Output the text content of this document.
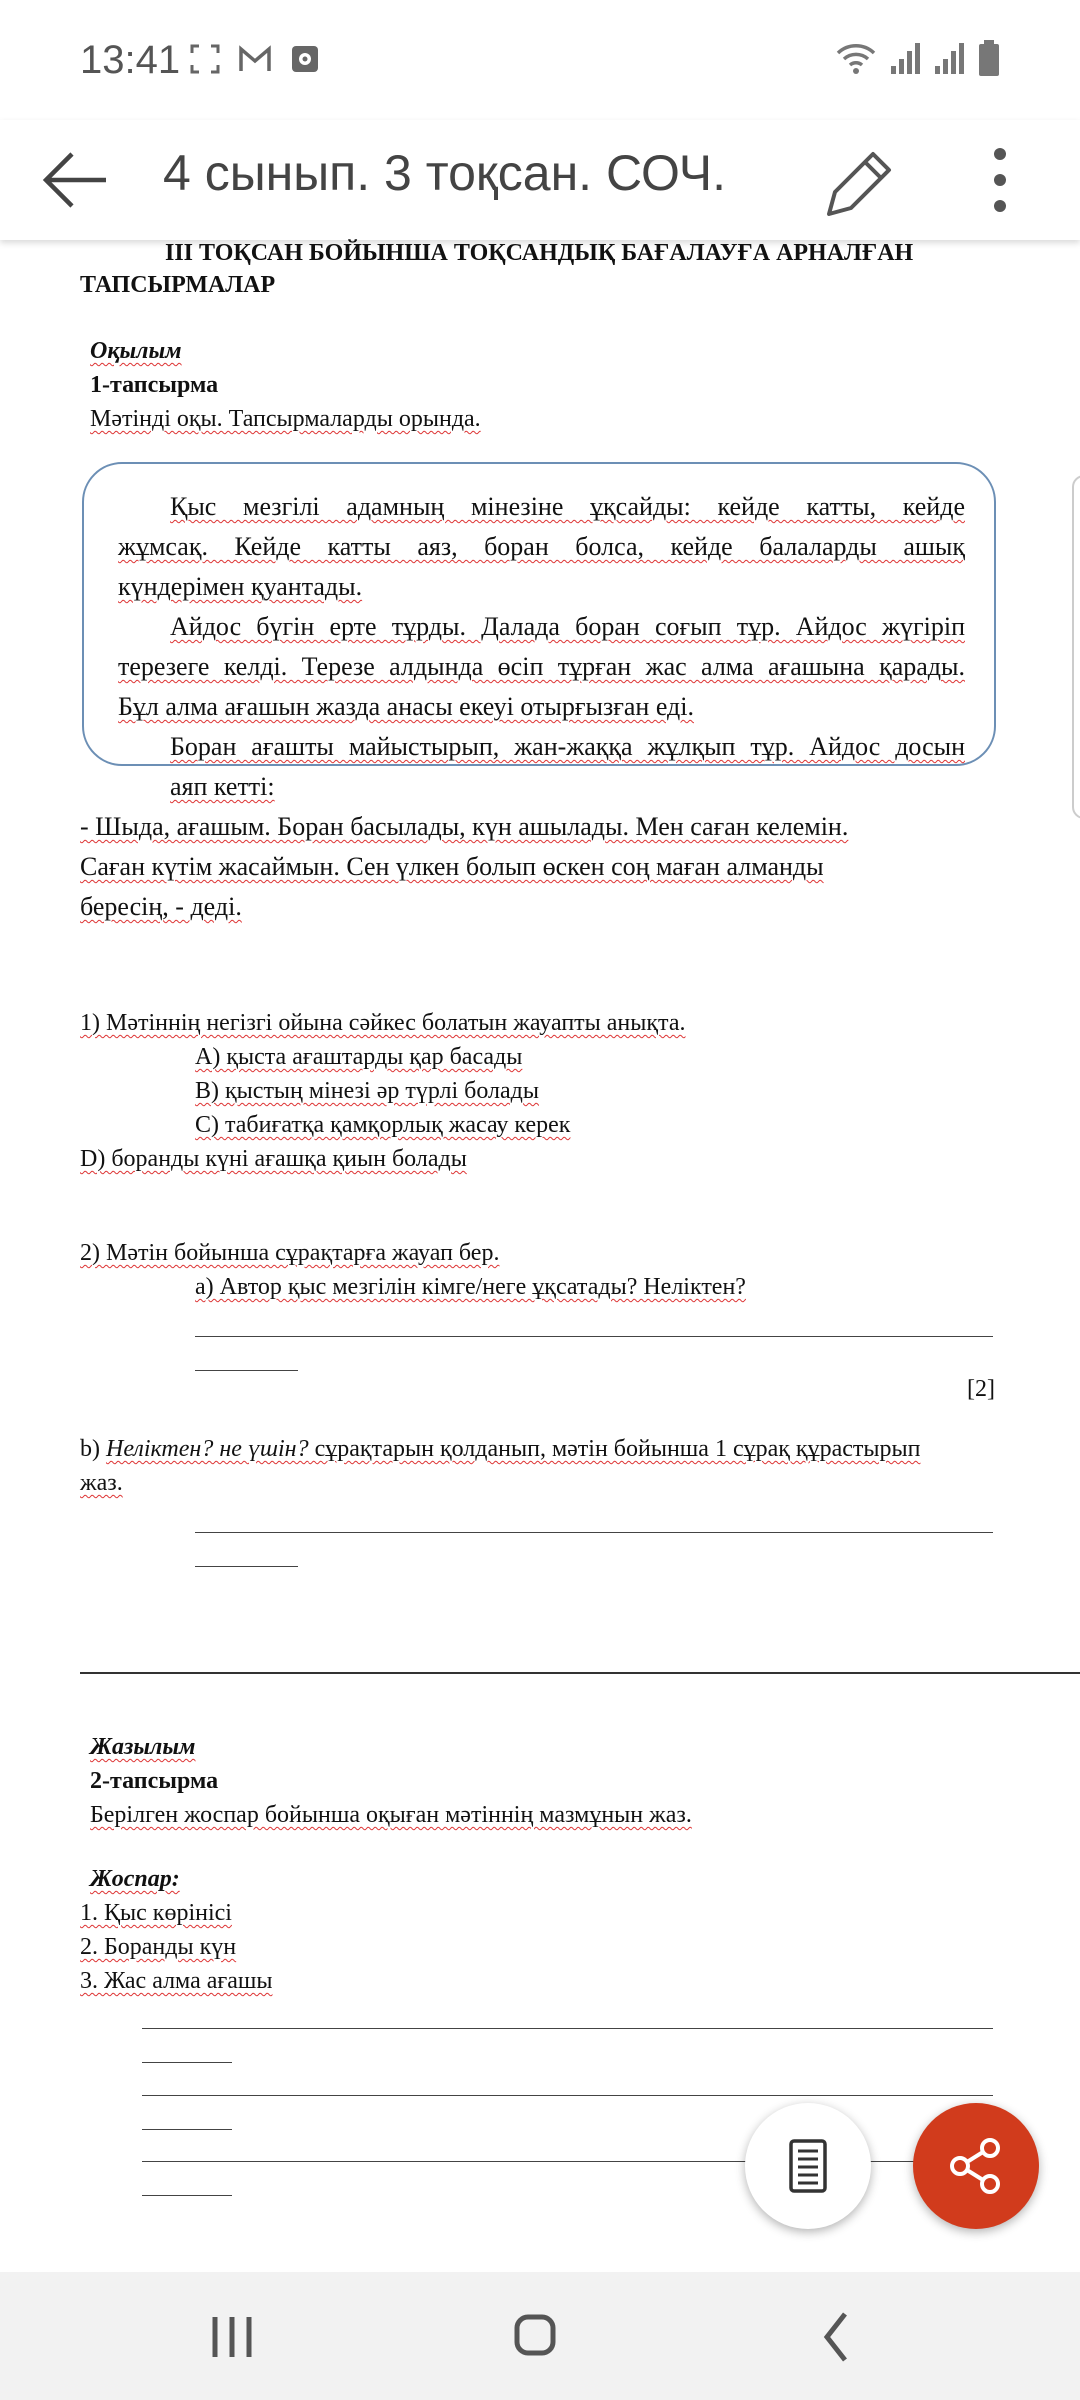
13:41
4 сынып. 3 тоқсан. СОЧ.
ІІІ ТОҚСАН БОЙЫНША ТОҚСАНДЫҚ БАҒАЛАУҒА АРНАЛҒАН
ТАПСЫРМАЛАР
Оқылым
1-тапсырма
Мәтінді оқы. Тапсырмаларды орында.
Қыс мезгілі адамның мінезіне ұқсайды: кейде катты, кейде
жұмсақ. Кейде катты аяз, боран болса, кейде балаларды ашық
күндерімен қуантады.
Айдос бүгін ерте тұрды. Далада боран соғып тұр. Айдос жүгіріп
терезеге келді. Терезе алдында өсіп тұрған жас алма ағашына қарады.
Бұл алма ағашын жазда анасы екеуі отырғызған еді.
Боран ағашты майыстырып, жан-жаққа жұлқып тұр. Айдос досын
аяп кетті:
- Шыда, ағашым. Боран басылады, күн ашылады. Мен саған келемін.
Саған күтім жасаймын. Сен үлкен болып өскен соң маған алманды
бересің, - деді.
1) Мәтіннің негізгі ойына сәйкес болатын жауапты анықта.
А) қыста ағаштарды қар басады
В) қыстың мінезі әр түрлі болады
С) табиғатқа қамқорлық жасау керек
D) боранды күні ағашқа қиын болады
2) Мәтін бойынша сұрақтарға жауап бер.
а) Автор қыс мезгілін кімге/негe ұқсатады? Неліктен?
[2]
b) Неліктен? не үшін? сұрақтарын қолданып, мәтін бойынша 1 сұрақ құрастырып
жаз.
Жазылым
2-тапсырма
Берілген жоспар бойынша оқыған мәтіннің мазмұнын жаз.
Жоспар:
1. Қыс көрінісі
2. Боранды күн
3. Жас алма ағашы
